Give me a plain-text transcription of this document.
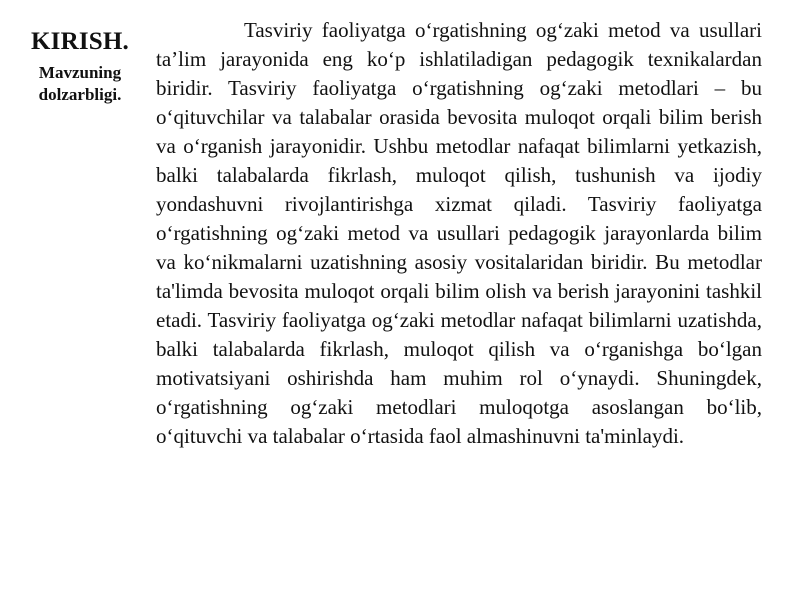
KIRISH.
Mavzuning
dolzarbligi.

Tasviriy faoliyatga o‘rgatishning og‘zaki metod va usullari ta’lim jarayonida eng ko‘p ishlatiladigan pedagogik texnikalardan biridir. Tasviriy faoliyatga o‘rgatishning og‘zaki metodlari – bu o‘qituvchilar va talabalar orasida bevosita muloqot orqali bilim berish va o‘rganish jarayonidir. Ushbu metodlar nafaqat bilimlarni yetkazish, balki talabalarda fikrlash, muloqot qilish, tushunish va ijodiy yondashuvni rivojlantirishga xizmat qiladi. Tasviriy faoliyatga o‘rgatishning og‘zaki metod va usullari pedagogik jarayonlarda bilim va ko‘nikmalarni uzatishning asosiy vositalaridan biridir. Bu metodlar ta'limda bevosita muloqot orqali bilim olish va berish jarayonini tashkil etadi. Tasviriy faoliyatga og‘zaki metodlar nafaqat bilimlarni uzatishda, balki talabalarda fikrlash, muloqot qilish va o‘rganishga bo‘lgan motivatsiyani oshirishda ham muhim rol o‘ynaydi. Shuningdek, o‘rgatishning og‘zaki metodlari muloqotga asoslangan bo‘lib, o‘qituvchi va talabalar o‘rtasida faol almashinuvni ta'minlaydi.
